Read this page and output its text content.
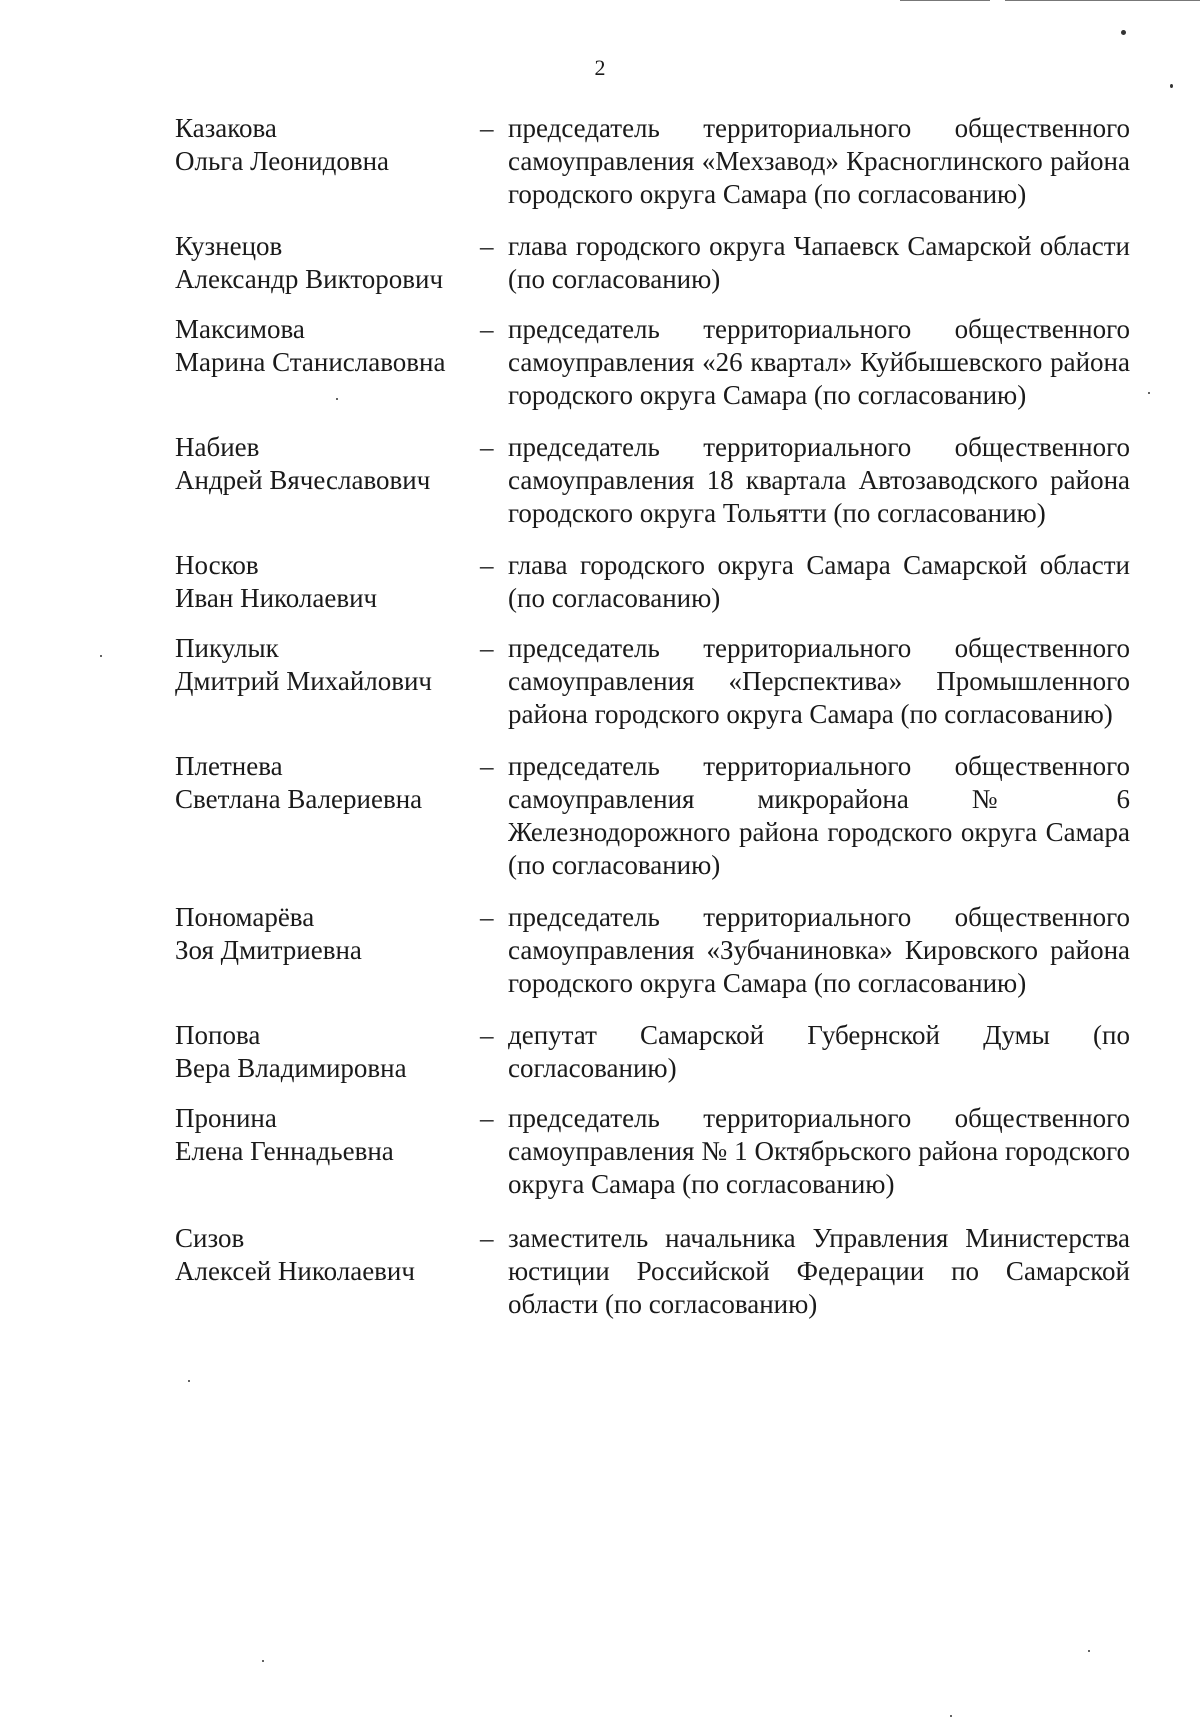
2
Казакова
Ольга Леонидовна
– председатель территориального общественного самоуправления «Мехзавод» Красноглинского района городского округа Самара (по согласованию)
Кузнецов
Александр Викторович
– глава городского округа Чапаевск Самарской области (по согласованию)
Максимова
Марина Станиславовна
– председатель территориального общественного самоуправления «26 квартал» Куйбышевского района городского округа Самара (по согласованию)
Набиев
Андрей Вячеславович
– председатель территориального общественного самоуправления 18 квартала Автозаводского района городского округа Тольятти (по согласованию)
Носков
Иван Николаевич
– глава городского округа Самара Самарской области (по согласованию)
Пикулык
Дмитрий Михайлович
– председатель территориального общественного самоуправления «Перспектива» Промышленного района городского округа Самара (по согласованию)
Плетнева
Светлана Валериевна
– председатель территориального общественного самоуправления микрорайона № 6 Железнодорожного района городского округа Самара (по согласованию)
Пономарёва
Зоя Дмитриевна
– председатель территориального общественного самоуправления «Зубчаниновка» Кировского района городского округа Самара (по согласованию)
Попова
Вера Владимировна
– депутат Самарской Губернской Думы (по согласованию)
Пронина
Елена Геннадьевна
– председатель территориального общественного самоуправления № 1 Октябрьского района городского округа Самара (по согласованию)
Сизов
Алексей Николаевич
– заместитель начальника Управления Министерства юстиции Российской Федерации по Самарской области (по согласованию)
